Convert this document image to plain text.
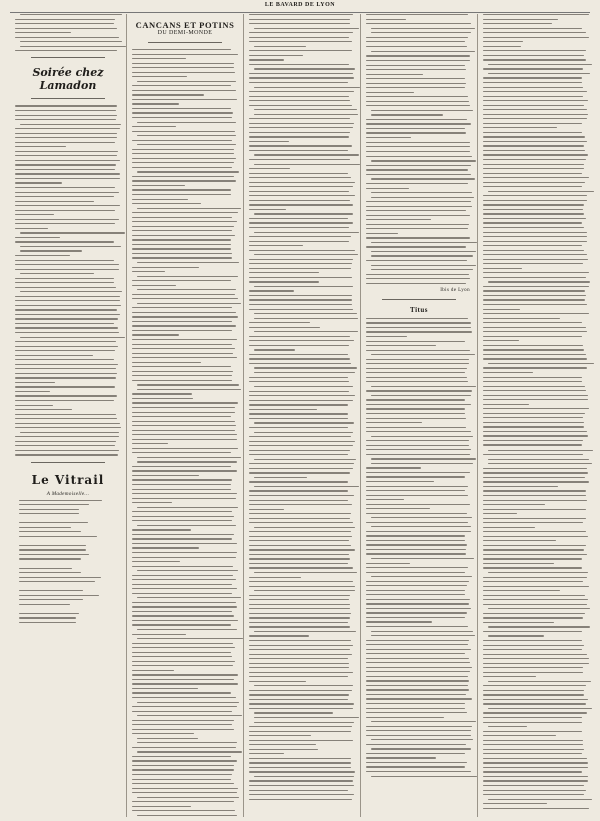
LE BAVARD DE LYON
Soirée chez Lamadon
Le Vitrail
A Mademoiselle...
CANCANS ET POTINS
DU DEMI-MONDE
Ibis de Lyon
Titus
